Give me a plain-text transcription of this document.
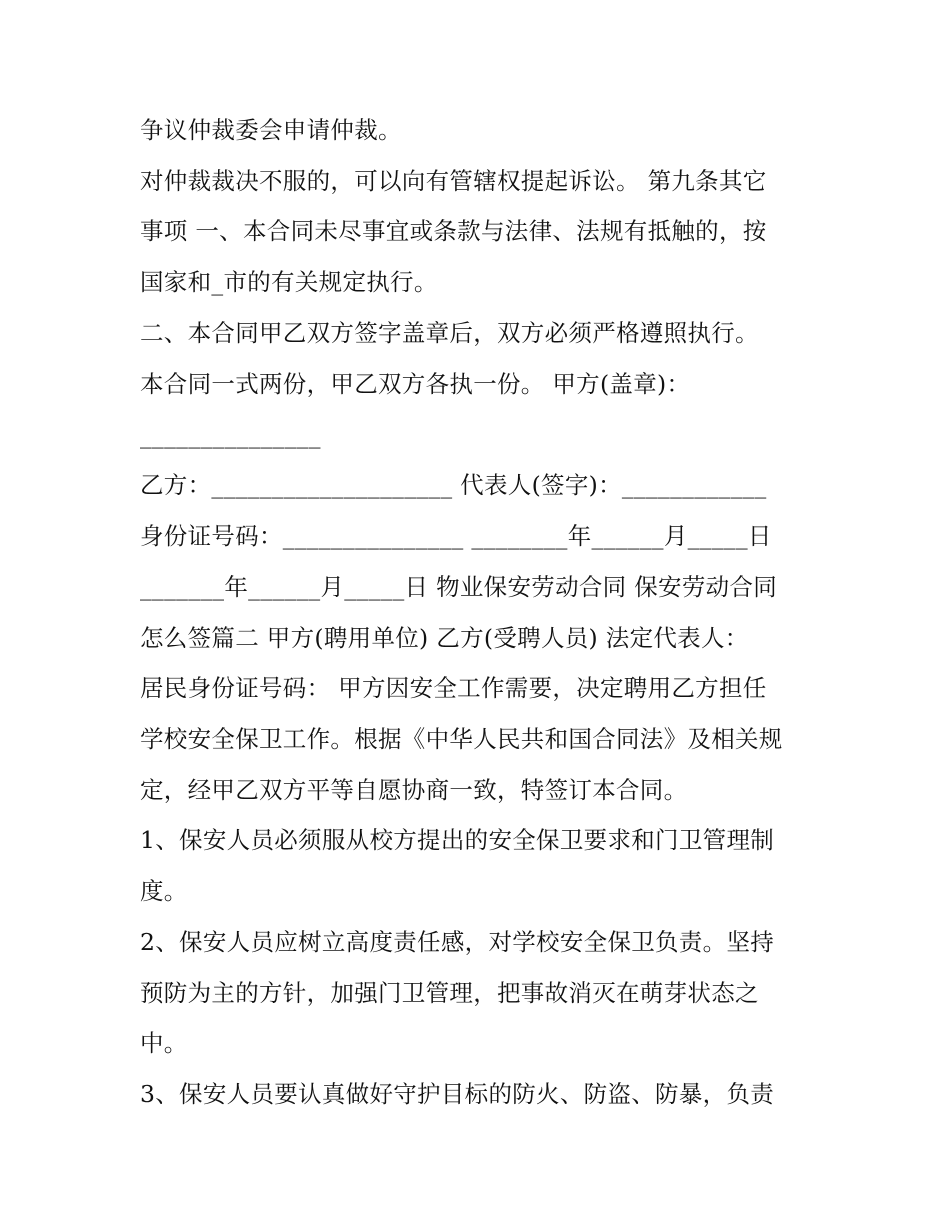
争议仲裁委会申请仲裁。

对仲裁裁决不服的，可以向有管辖权提起诉讼。 第九条其它

事项 一、本合同未尽事宜或条款与法律、法规有抵触的，按

国家和_市的有关规定执行。

二、本合同甲乙双方签字盖章后，双方必须严格遵照执行。

本合同一式两份，甲乙双方各执一份。 甲方(盖章)：

_______________

乙方：____________________ 代表人(签字)：____________

身份证号码：_______________ ________年______月_____日

_______年______月_____日 物业保安劳动合同 保安劳动合同

怎么签篇二 甲方(聘用单位) 乙方(受聘人员) 法定代表人：

居民身份证号码： 甲方因安全工作需要，决定聘用乙方担任

学校安全保卫工作。根据《中华人民共和国合同法》及相关规

定，经甲乙双方平等自愿协商一致，特签订本合同。

1、保安人员必须服从校方提出的安全保卫要求和门卫管理制

度。

2、保安人员应树立高度责任感，对学校安全保卫负责。坚持

预防为主的方针，加强门卫管理，把事故消灭在萌芽状态之

中。

3、保安人员要认真做好守护目标的防火、防盗、防暴，负责
